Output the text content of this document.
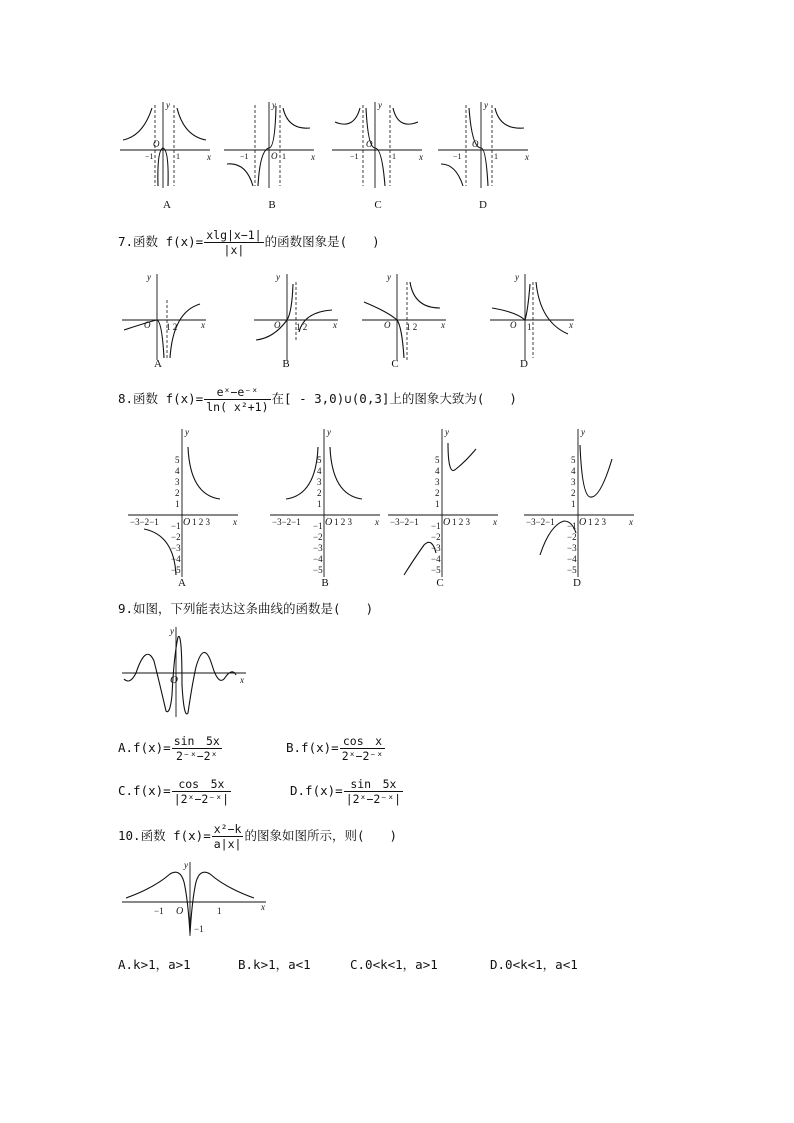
x
y
O
−1	1
A
x
y
O
−1	1
B
x
y
O
−1	1
C
x
y
O
−1	1
D
7.函数 $f(x)= \frac{xlg|x-1|}{|x|}$ 的函数图象是(　　)
x
y
O 1 2
A
x
y
O 1 2
B
x
y
O 1 2
C
x
y
O 1
D
8.函数 $f(x)= \frac{\text{eˣ−e⁻ˣ}}{\text{ln( x²+1)}}$ 在[ - 3,0)∪(0,3]上的图象大致为(　　)
x
y
O
−3−2−1	1 2 3
5
4
3
2
1
−1
−2
−3
−4
−5
A
x
y
O
−3−2−1	1 2 3
5
4
3
2
1
−1
−2
−3
−4
−5
B
x
y
O
−3−2−1	1 2 3
5
4
3
2
1
−1
−2
−3
−4
−5
C
x
y
O
−3−2−1	1 2 3
5
4
3
2
1
−1
−2
−3
−4
−5
D
9.如图，下列能表达这条曲线的函数是(　　)
x
y
O
$A.f(x)= \frac{\sin 5x}{\text{2⁻ˣ−2ˣ}}$	$B.f(x)= \frac{\text{cos　x}}{\text{2ˣ−2⁻ˣ}}$
$C.f(x)= \frac{\cos 5x}{\text{|2ˣ−2⁻ˣ|}}$	$D.f(x)= \frac{\sin 5x}{\text{|2ˣ−2⁻ˣ|}}$
10.函数 $f(x)= \frac{\text{x²−k}}{a|x|}$ 的图象如图所示，则(　　)
x
y
O
−1	1
−1
A.k>1，a>1	B.k>1，a<1	C.0<k<1，a>1	D.0<k<1，a<1
